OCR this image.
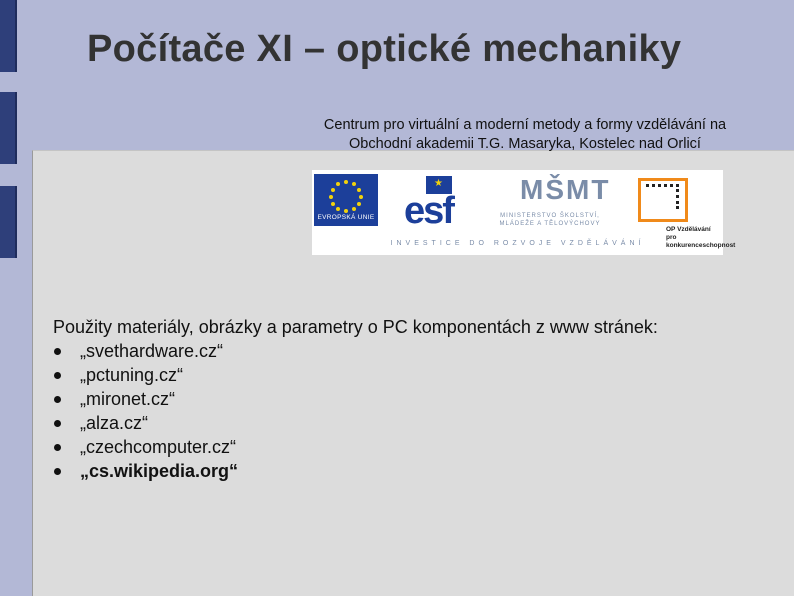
Počítače XI – optické mechaniky
Centrum pro virtuální a moderní metody a formy vzdělávání na
Obchodní akademii T.G. Masaryka, Kostelec nad Orlicí
EVROPSKÁ UNIE
★ esf
MŠMT
MINISTERSTVO ŠKOLSTVÍ, MLÁDEŽE A TĚLOVÝCHOVY
OP Vzdělávání pro konkurenceschopnost
INVESTICE DO ROZVOJE VZDĚLÁVÁNÍ
Použity materiály, obrázky a parametry o PC komponentách z www stránek:
„svethardware.cz“
„pctuning.cz“
„mironet.cz“
„alza.cz“
„czechcomputer.cz“
„cs.wikipedia.org“
